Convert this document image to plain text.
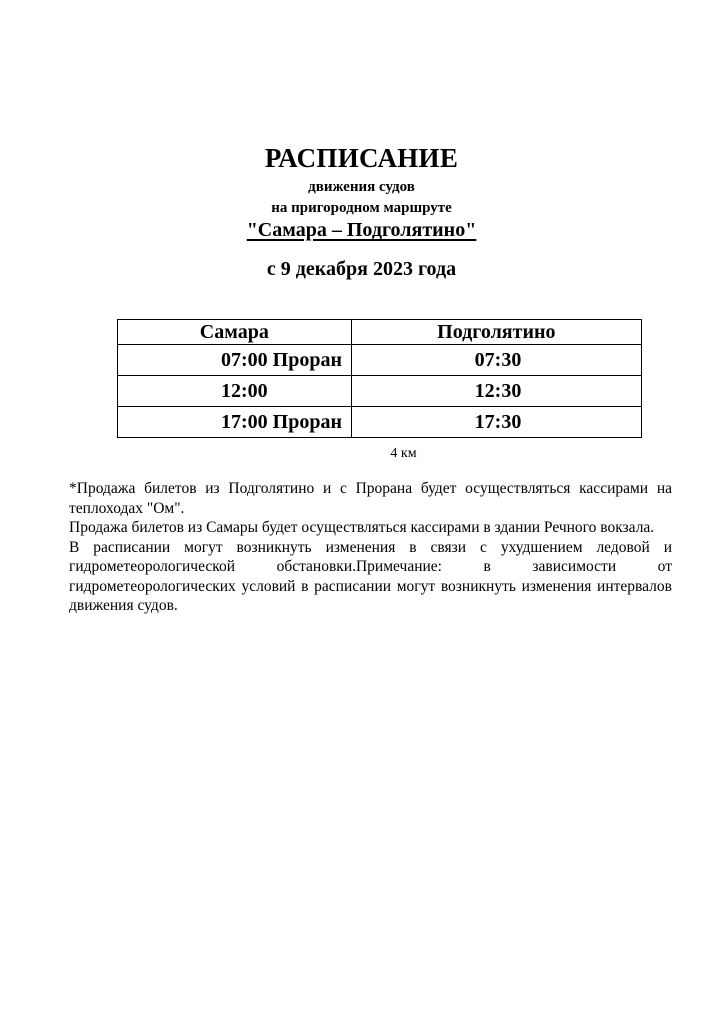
РАСПИСАНИЕ
движения судов
на пригородном маршруте
"Самара – Подголятино"
с 9 декабря 2023 года
Самара	Подголятино
07:00 Проран	07:30
12:00	12:30
17:00 Проран	17:30
4 км

*Продажа билетов из Подголятино и с Прорана будет осуществляться кассирами на теплоходах "Ом".

Продажа билетов из Самары будет осуществляться кассирами в здании Речного вокзала.

В расписании могут возникнуть изменения в связи с ухудшением ледовой и гидрометеорологической обстановки.Примечание: в зависимости от гидрометеорологических условий в расписании могут возникнуть изменения интервалов движения судов.
